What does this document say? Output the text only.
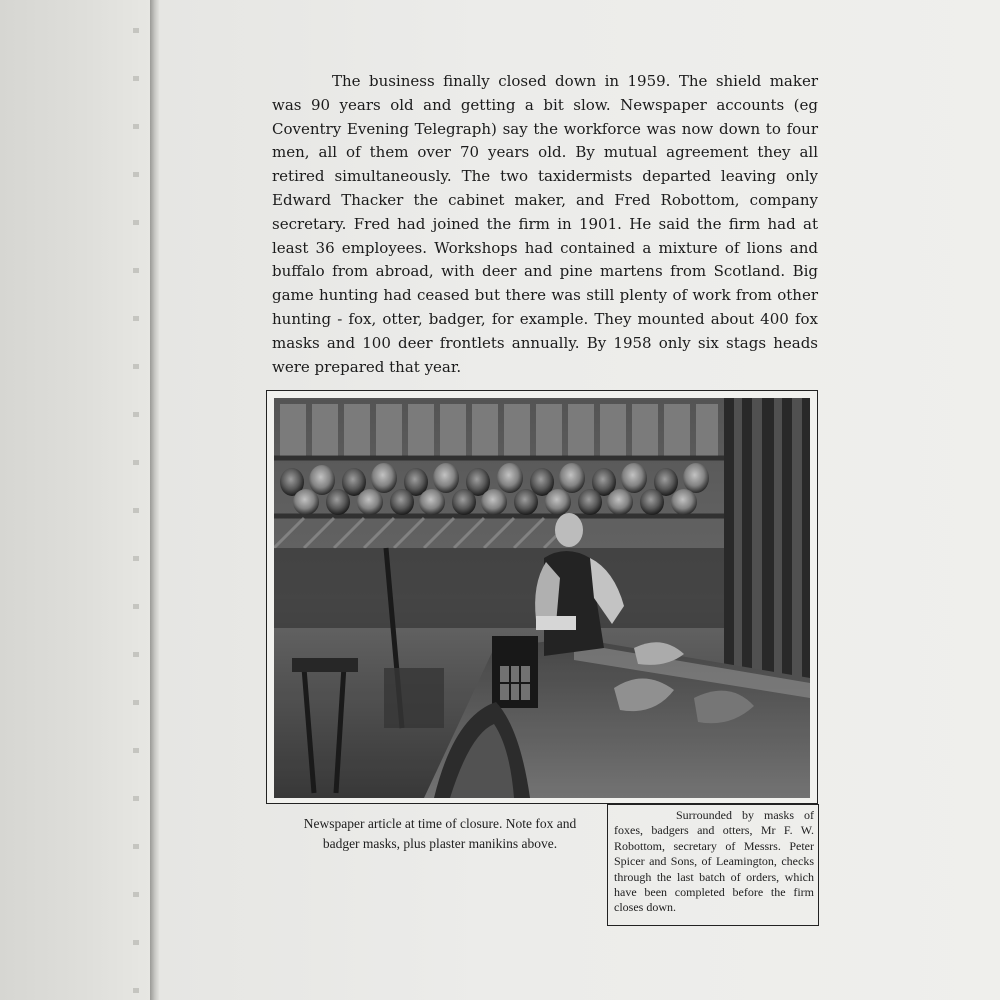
The business finally closed down in 1959. The shield maker was 90 years old and getting a bit slow. Newspaper accounts (eg Coventry Evening Telegraph) say the workforce was now down to four men, all of them over 70 years old. By mutual agreement they all retired simultaneously. The two taxidermists departed leaving only Edward Thacker the cabinet maker, and Fred Robottom, company secretary. Fred had joined the firm in 1901. He said the firm had at least 36 employees. Workshops had contained a mixture of lions and buffalo from abroad, with deer and pine martens from Scotland. Big game hunting had ceased but there was still plenty of work from other hunting - fox, otter, badger, for example. They mounted about 400 fox masks and 100 deer frontlets annually. By 1958 only six stags heads were prepared that year.

Newspaper article at time of closure. Note fox and badger masks, plus plaster manikins above.

Surrounded by masks of foxes, badgers and otters, Mr F. W. Robottom, secretary of Messrs. Peter Spicer and Sons, of Leamington, checks through the last batch of orders, which have been completed before the firm closes down.
